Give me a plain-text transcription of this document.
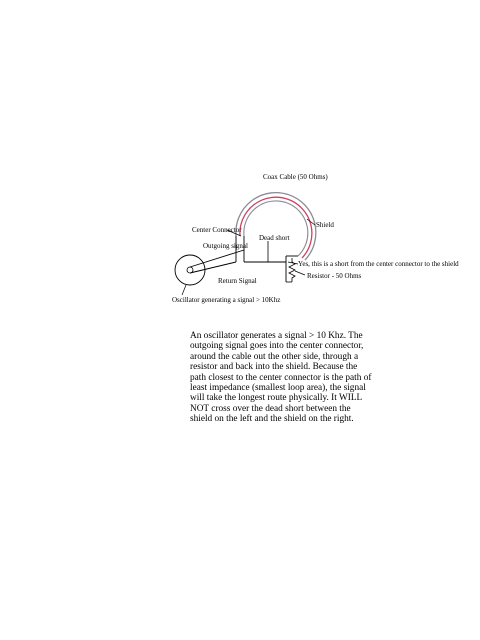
Coax Cable (50 Ohms)
Shield
Center Connector
Dead short
Outgoing signal
Yes, this is a short from the center connector to the shield
Resistor - 50 Ohms
Return Signal
Oscillator generating a signal > 10Khz

An oscillator generates a signal > 10 Khz. The
outgoing signal goes into the center connector,
around the cable out the other side, through a
resistor and back into the shield. Because the
path closest to the center connector is the path of
least impedance (smallest loop area), the signal
will take the longest route physically. It WILL
NOT cross over the dead short between the
shield on the left and the shield on the right.
